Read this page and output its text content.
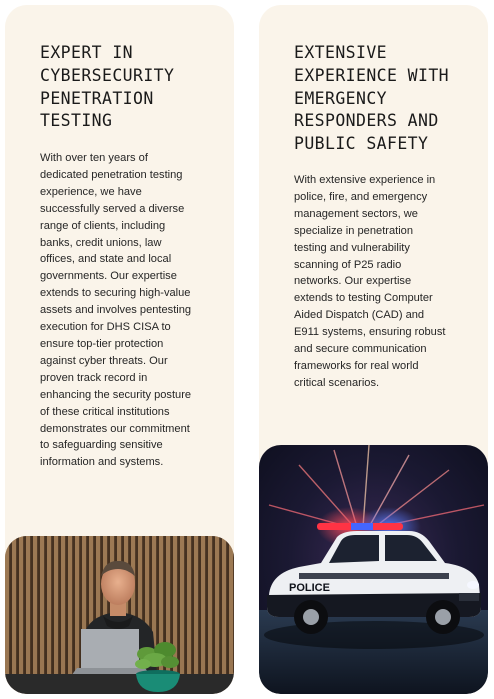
EXPERT IN CYBERSECURITY PENETRATION TESTING

With over ten years of dedicated penetration testing experience, we have successfully served a diverse range of clients, including banks, credit unions, law offices, and state and local governments. Our expertise extends to securing high-value assets and involves pentesting execution for DHS CISA to ensure top-tier protection against cyber threats. Our proven track record in enhancing the security posture of these critical institutions demonstrates our commitment to safeguarding sensitive information and systems.

EXTENSIVE EXPERIENCE WITH EMERGENCY RESPONDERS AND PUBLIC SAFETY

With extensive experience in police, fire, and emergency management sectors, we specialize in penetration testing and vulnerability scanning of P25 radio networks. Our expertise extends to testing Computer Aided Dispatch (CAD) and E911 systems, ensuring robust and secure communication frameworks for real world critical scenarios.

POLICE
